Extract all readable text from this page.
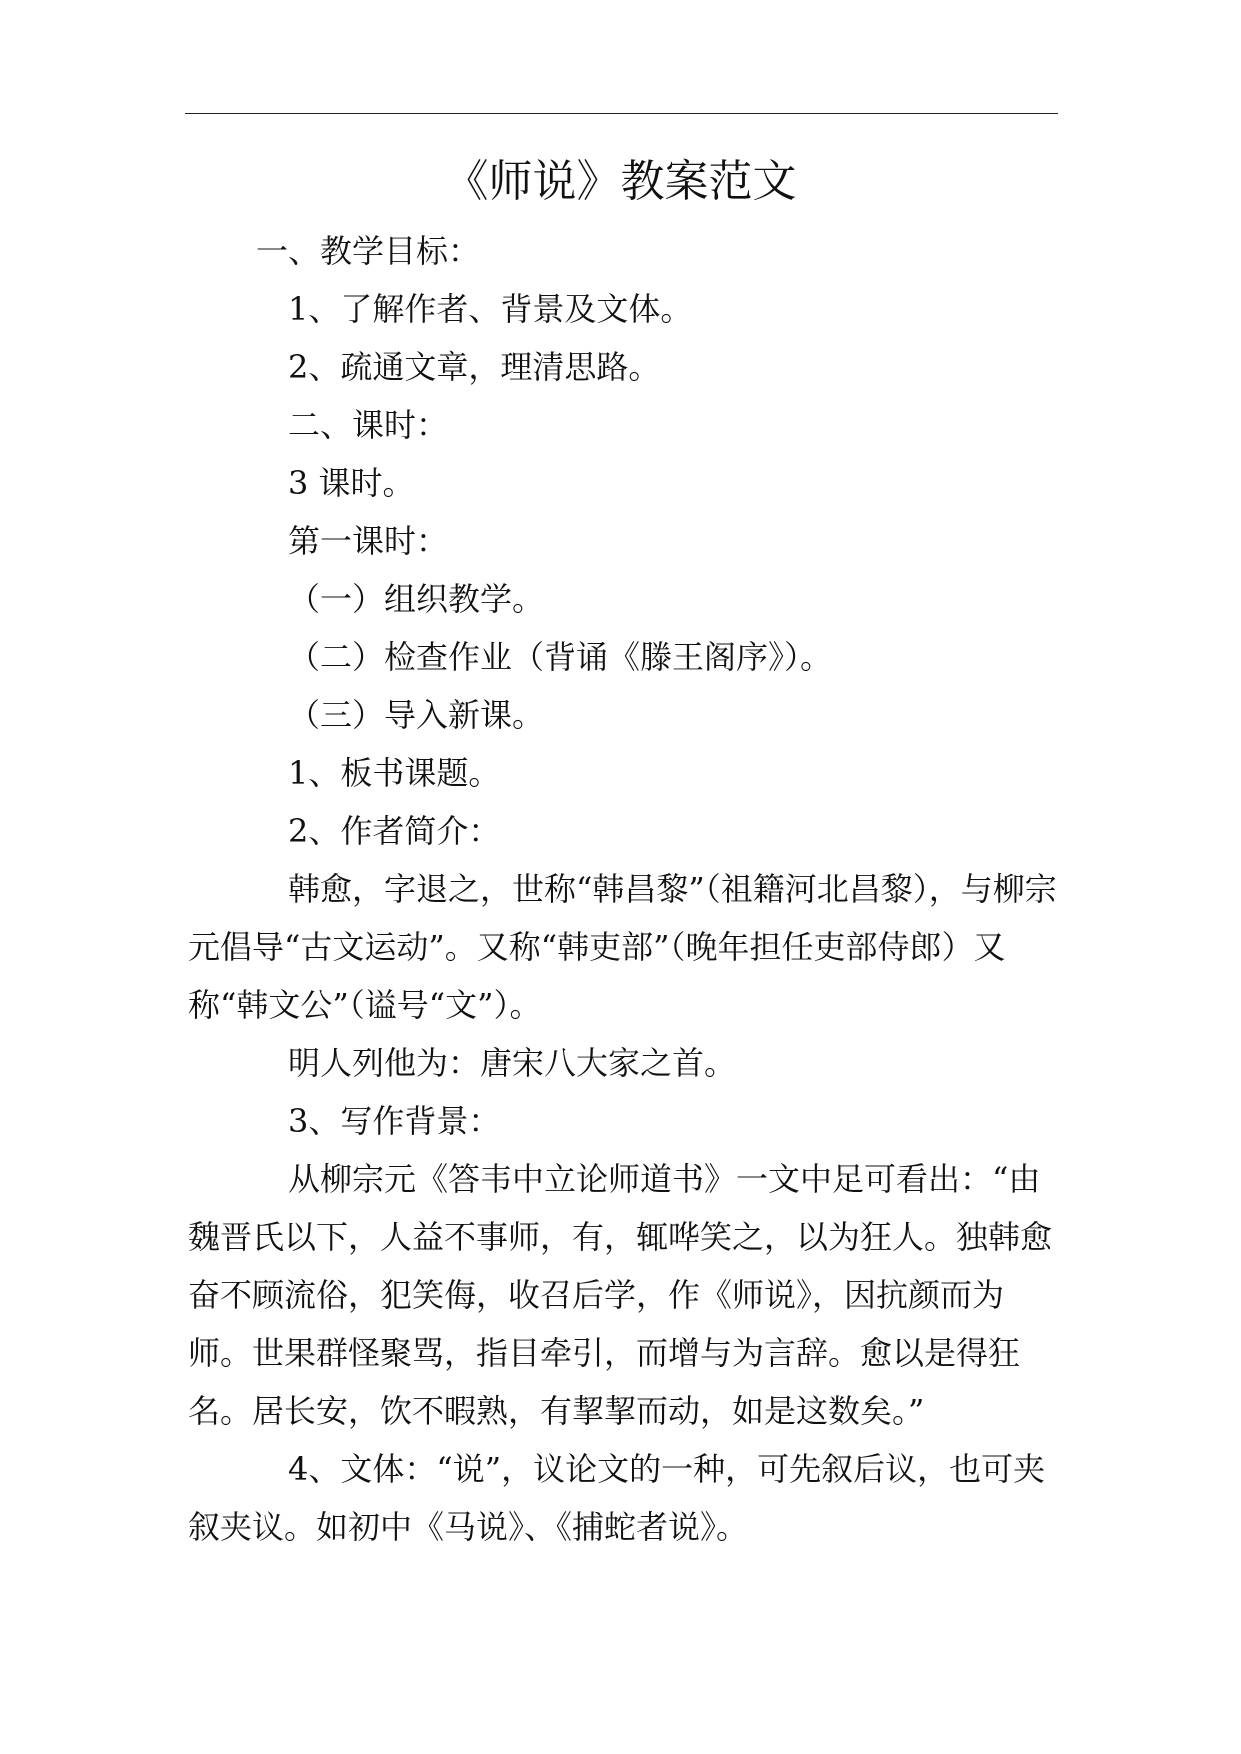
《师说》教案范文

一、教学目标：

1、了解作者、背景及文体。

2、疏通文章，理清思路。

二、课时：

3 课时。

第一课时：

（一）组织教学。

（二）检查作业（背诵《滕王阁序》）。

（三）导入新课。

1、板书课题。

2、作者简介：

韩愈，字退之，世称“韩昌黎”（祖籍河北昌黎），与柳宗元倡导“古文运动”。又称“韩吏部”（晚年担任吏部侍郎）又称“韩文公”（谥号“文”）。

明人列他为：唐宋八大家之首。

3、写作背景：

从柳宗元《答韦中立论师道书》一文中足可看出：“由魏晋氏以下，人益不事师，有，辄哗笑之，以为狂人。独韩愈奋不顾流俗，犯笑侮，收召后学，作《师说》，因抗颜而为师。世果群怪聚骂，指目牵引，而增与为言辞。愈以是得狂名。居长安，饮不暇熟，有挈挈而动，如是这数矣。”

4、文体：“说”，议论文的一种，可先叙后议，也可夹叙夹议。如初中《马说》、《捕蛇者说》。
